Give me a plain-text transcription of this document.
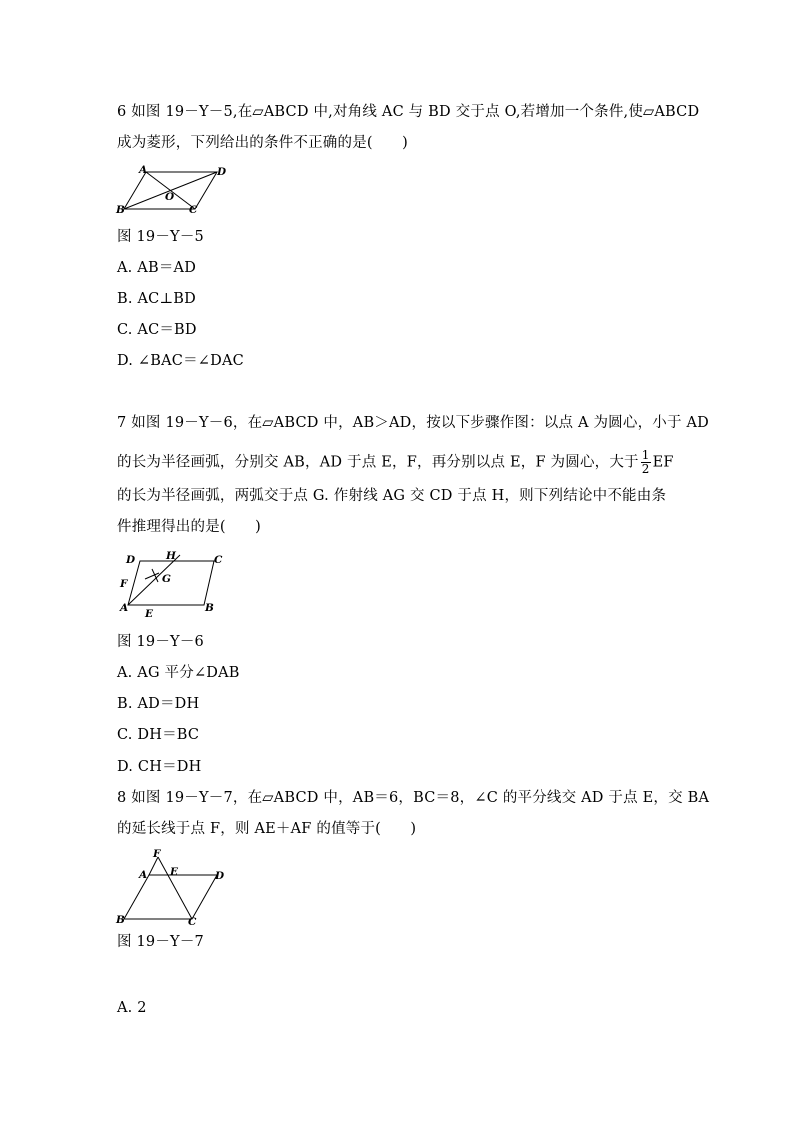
6 如图 19－Y－5,在▱ABCD 中,对角线 AC 与 BD 交于点 O,若增加一个条件,使▱ABCD
成为菱形，下列给出的条件不正确的是(　　)
A
B	C
D
O
图 19－Y－5
A. AB＝AD
B. AC⊥BD
C. AC＝BD
D. ∠BAC＝∠DAC
7 如图 19－Y－6，在▱ABCD 中，AB＞AD，按以下步骤作图：以点 A 为圆心，小于 AD
的长为半径画弧，分别交 AB，AD 于点 E，F，再分别以点 E，F 为圆心，大于 $\frac{1}{2}$ EF
的长为半径画弧，两弧交于点 G. 作射线 AG 交 CD 于点 H，则下列结论中不能由条
件推理得出的是(　　)
D	H	C
F	G
A E	B
图 19－Y－6
A. AG 平分∠DAB
B. AD＝DH
C. DH＝BC
D. CH＝DH
8 如图 19－Y－7，在▱ABCD 中，AB＝6，BC＝8，∠C 的平分线交 AD 于点 E，交 BA
的延长线于点 F，则 AE＋AF 的值等于(　　)
F
A E	D
B	C
图 19－Y－7
A. 2
